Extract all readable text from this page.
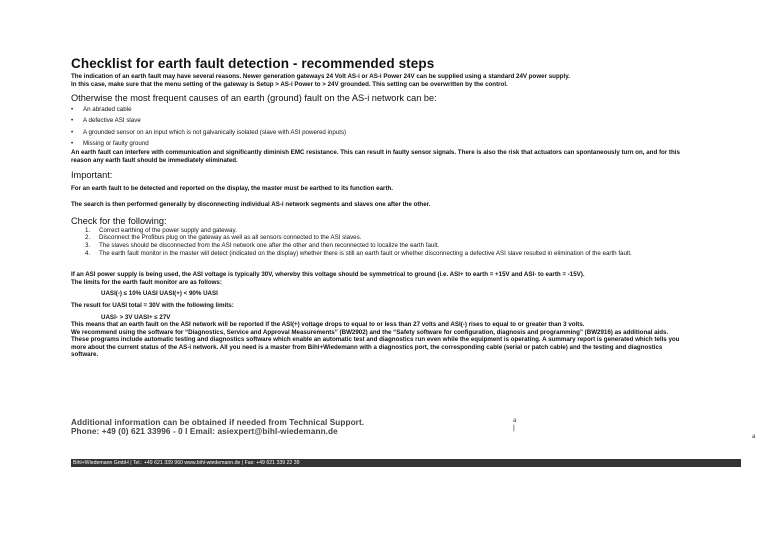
Checklist for earth fault detection - recommended steps
The indication of an earth fault may have several reasons. Newer generation gateways 24 Volt AS-i or AS-i Power 24V can be supplied using a standard 24V power supply.
In this case, make sure that the menu setting of the gateway is Setup > AS-i Power to > 24V grounded. This setting can be overwritten by the control.
Otherwise the most frequent causes of an earth (ground) fault on the AS-i network can be:
• An abraded cable
• A defective ASI slave
• A grounded sensor on an input which is not galvanically isolated (slave with ASI powered inputs)
• Missing or faulty ground
An earth fault can interfere with communication and significantly diminish EMC resistance. This can result in faulty sensor signals. There is also the risk that actuators can spontaneously turn on, and for this
reason any earth fault should be immediately eliminated.
Important:
For an earth fault to be detected and reported on the display, the master must be earthed to its function earth.
The search is then performed generally by disconnecting individual AS-i network segments and slaves one after the other.
Check for the following:
1.	Correct earthing of the power supply and gateway.
2.	Disconnect the Profibus plug on the gateway as well as all sensors connected to the ASI slaves.
3.	The slaves should be disconnected from the ASI network one after the other and then reconnected to localize the earth fault.
4.	The earth fault monitor in the master will detect (indicated on the display) whether there is still an earth fault or whether disconnecting a defective ASI slave resulted in elimination of the earth fault.
If an ASI power supply is being used, the ASI voltage is typically 30V, whereby this voltage should be symmetrical to ground (i.e. ASI+ to earth = +15V and ASI- to earth = -15V).
The limits for the earth fault monitor are as follows:
UASI(-) ≤ 10% UASI UASI(+) < 90% UASI
The result for UASI total = 30V with the following limits:
UASI- > 3V UASI+ ≤ 27V
This means that an earth fault on the ASI network will be reported if the ASI(+) voltage drops to equal to or less than 27 volts and ASI(-) rises to equal to or greater than 3 volts.
We recommend using the software for “Diagnostics, Service and Approval Measurements” (BW2902) and the “Safety software for configuration, diagnosis and programming” (BW2916) as additional aids.
These programs include automatic testing and diagnostics software which enable an automatic test and diagnostics run even while the equipment is operating. A summary report is generated which tells you
more about the current status of the AS-i network. All you need is a master from Bihl+Wiedemann with a diagnostics port, the corresponding cable (serial or patch cable) and the testing and diagnostics
software.
Additional information can be obtained if needed from Technical Support.
Phone: +49 (0) 621 33996 - 0 I Email: asiexpert@bihl-wiedemann.de
a
|
a
Bihl+Wiedemann GmbH | Tel.: +49 621 339 960 www.bihl-wiedemann.de | Fax: +49 621 339 22 39
